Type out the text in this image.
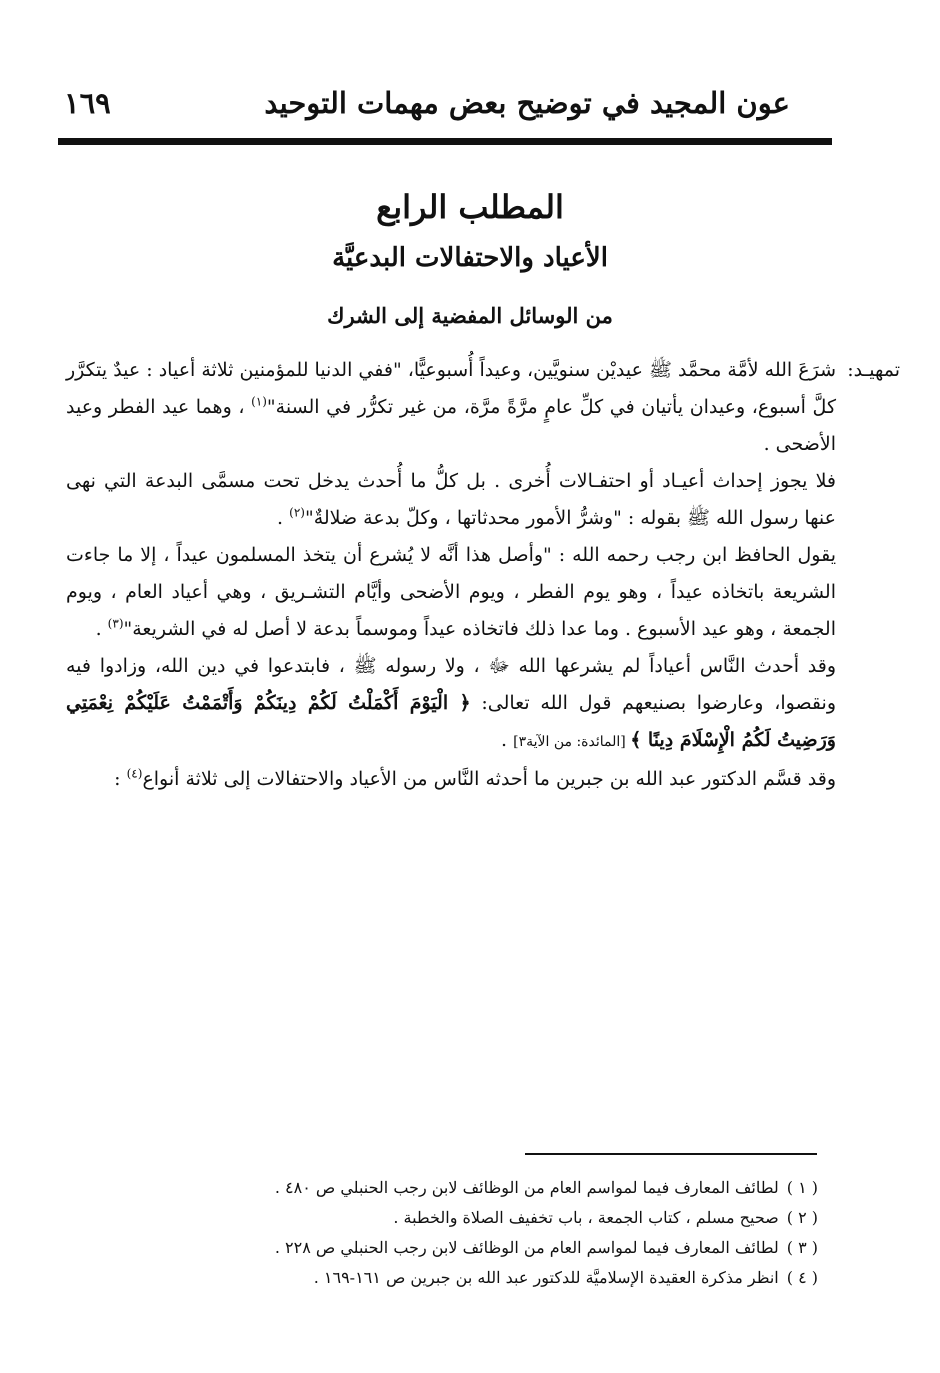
عون المجيد في توضيح بعض مهمات التوحيد
١٦٩
المطلب الرابع
الأعياد والاحتفالات البدعيَّة
من الوسائل المفضية إلى الشرك
تمهيـد:

شرَعَ الله لأمَّة محمَّد ﷺ عيديْن سنويَّين، وعيداً أُسبوعيًّا، "ففي الدنيا للمؤمنين ثلاثة أعياد : عيدٌ يتكرَّر كلَّ أسبوع، وعيدان يأتيان في كلِّ عامٍ مرَّةً مرَّة، من غير تكرُّر في السنة"$^{(١)}$ ، وهما عيد الفطر وعيد الأضحى .

فلا يجوز إحداث أعيـاد أو احتفـالات أُخرى . بل كلُّ ما أُحدث يدخل تحت مسمَّى البدعة التي نهى عنها رسول الله ﷺ بقوله : "وشرُّ الأمور محدثاتها ، وكلّ بدعة ضلالةٌ"$^{(٢)}$ .

يقول الحافظ ابن رجب رحمه الله : "وأصل هذا أنَّه لا يُشرع أن يتخذ المسلمون عيداً ، إلا ما جاءت الشريعة باتخاذه عيداً ، وهو يوم الفطر ، ويوم الأضحى وأيَّام التشـريق ، وهي أعياد العام ، ويوم الجمعة ، وهو عيد الأسبوع . وما عدا ذلك فاتخاذه عيداً وموسماً بدعة لا أصل له في الشريعة"$^{(٣)}$ .

وقد أحدث النَّاس أعياداً لم يشرعها الله ﷻ ، ولا رسوله ﷺ ، فابتدعوا في دين الله، وزادوا فيه ونقصوا، وعارضوا بصنيعهم قول الله تعالى: ﴿ الْيَوْمَ أَكْمَلْتُ لَكُمْ دِينَكُمْ وَأَتْمَمْتُ عَلَيْكُمْ نِعْمَتِي وَرَضِيتُ لَكُمُ الْإِسْلَامَ دِينًا ﴾ [المائدة: من الآية٣] .

وقد قسَّم الدكتور عبد الله بن جبرين ما أحدثه النَّاس من الأعياد والاحتفالات إلى ثلاثة أنواع$^{(٤)}$ :

( ١ )لطائف المعارف فيما لمواسم العام من الوظائف لابن رجب الحنبلي ص ٤٨٠ .
( ٢ )صحيح مسلم ، كتاب الجمعة ، باب تخفيف الصلاة والخطبة .
( ٣ )لطائف المعارف فيما لمواسم العام من الوظائف لابن رجب الحنبلي ص ٢٢٨ .
( ٤ )انظر مذكرة العقيدة الإسلاميَّة للدكتور عبد الله بن جبرين ص ١٦١-١٦٩ .
